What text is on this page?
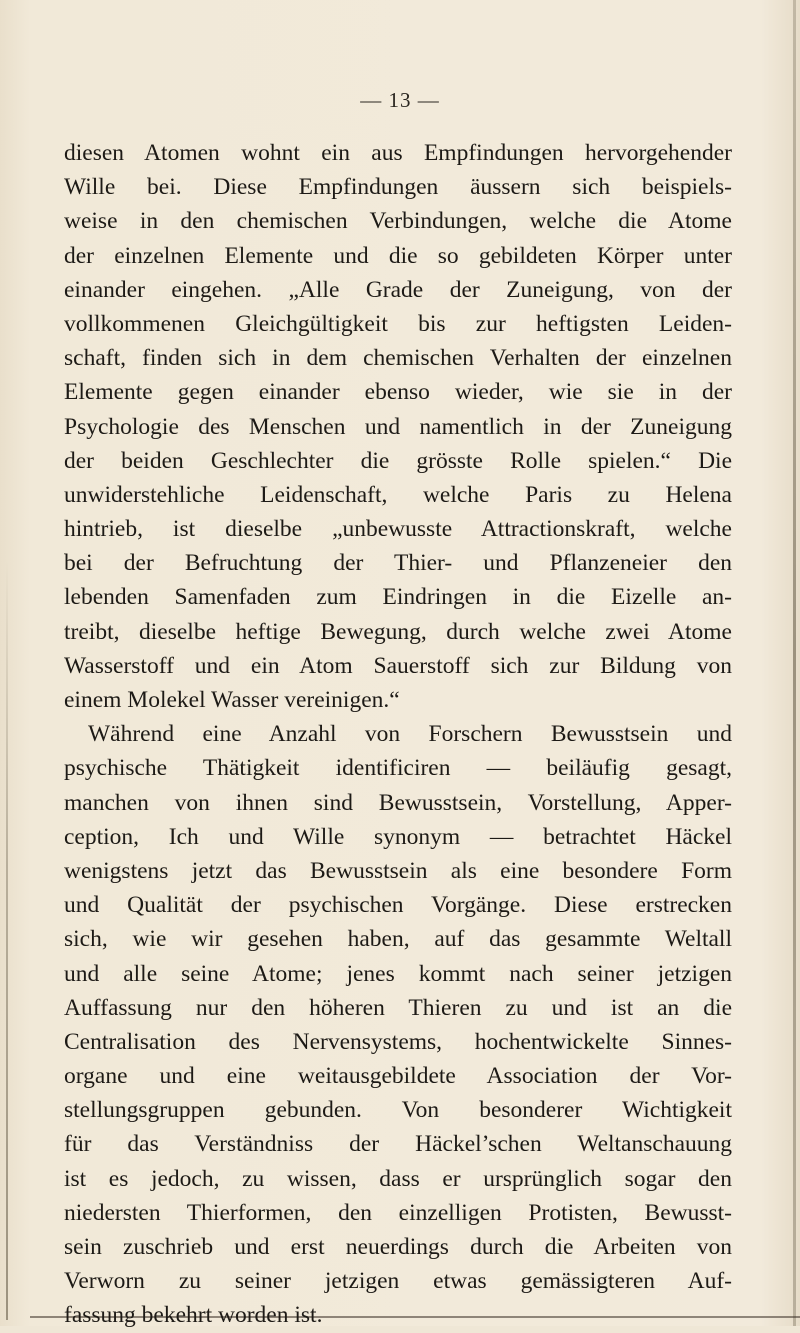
— 13 —
diesen Atomen wohnt ein aus Empfindungen hervorgehender
Wille bei. Diese Empfindungen äussern sich beispiels-
weise in den chemischen Verbindungen, welche die Atome
der einzelnen Elemente und die so gebildeten Körper unter
einander eingehen. „Alle Grade der Zuneigung, von der
vollkommenen Gleichgültigkeit bis zur heftigsten Leiden-
schaft, finden sich in dem chemischen Verhalten der einzelnen
Elemente gegen einander ebenso wieder, wie sie in der
Psychologie des Menschen und namentlich in der Zuneigung
der beiden Geschlechter die grösste Rolle spielen.“ Die
unwiderstehliche Leidenschaft, welche Paris zu Helena
hintrieb, ist dieselbe „unbewusste Attractionskraft, welche
bei der Befruchtung der Thier- und Pflanzeneier den
lebenden Samenfaden zum Eindringen in die Eizelle an-
treibt, dieselbe heftige Bewegung, durch welche zwei Atome
Wasserstoff und ein Atom Sauerstoff sich zur Bildung von
einem Molekel Wasser vereinigen.“
Während eine Anzahl von Forschern Bewusstsein und
psychische Thätigkeit identificiren — beiläufig gesagt,
manchen von ihnen sind Bewusstsein, Vorstellung, Apper-
ception, Ich und Wille synonym — betrachtet Häckel
wenigstens jetzt das Bewusstsein als eine besondere Form
und Qualität der psychischen Vorgänge. Diese erstrecken
sich, wie wir gesehen haben, auf das gesammte Weltall
und alle seine Atome; jenes kommt nach seiner jetzigen
Auffassung nur den höheren Thieren zu und ist an die
Centralisation des Nervensystems, hochentwickelte Sinnes-
organe und eine weitausgebildete Association der Vor-
stellungsgruppen gebunden. Von besonderer Wichtigkeit
für das Verständniss der Häckel’schen Weltanschauung
ist es jedoch, zu wissen, dass er ursprünglich sogar den
niedersten Thierformen, den einzelligen Protisten, Bewusst-
sein zuschrieb und erst neuerdings durch die Arbeiten von
Verworn zu seiner jetzigen etwas gemässigteren Auf-
fassung bekehrt worden ist.
